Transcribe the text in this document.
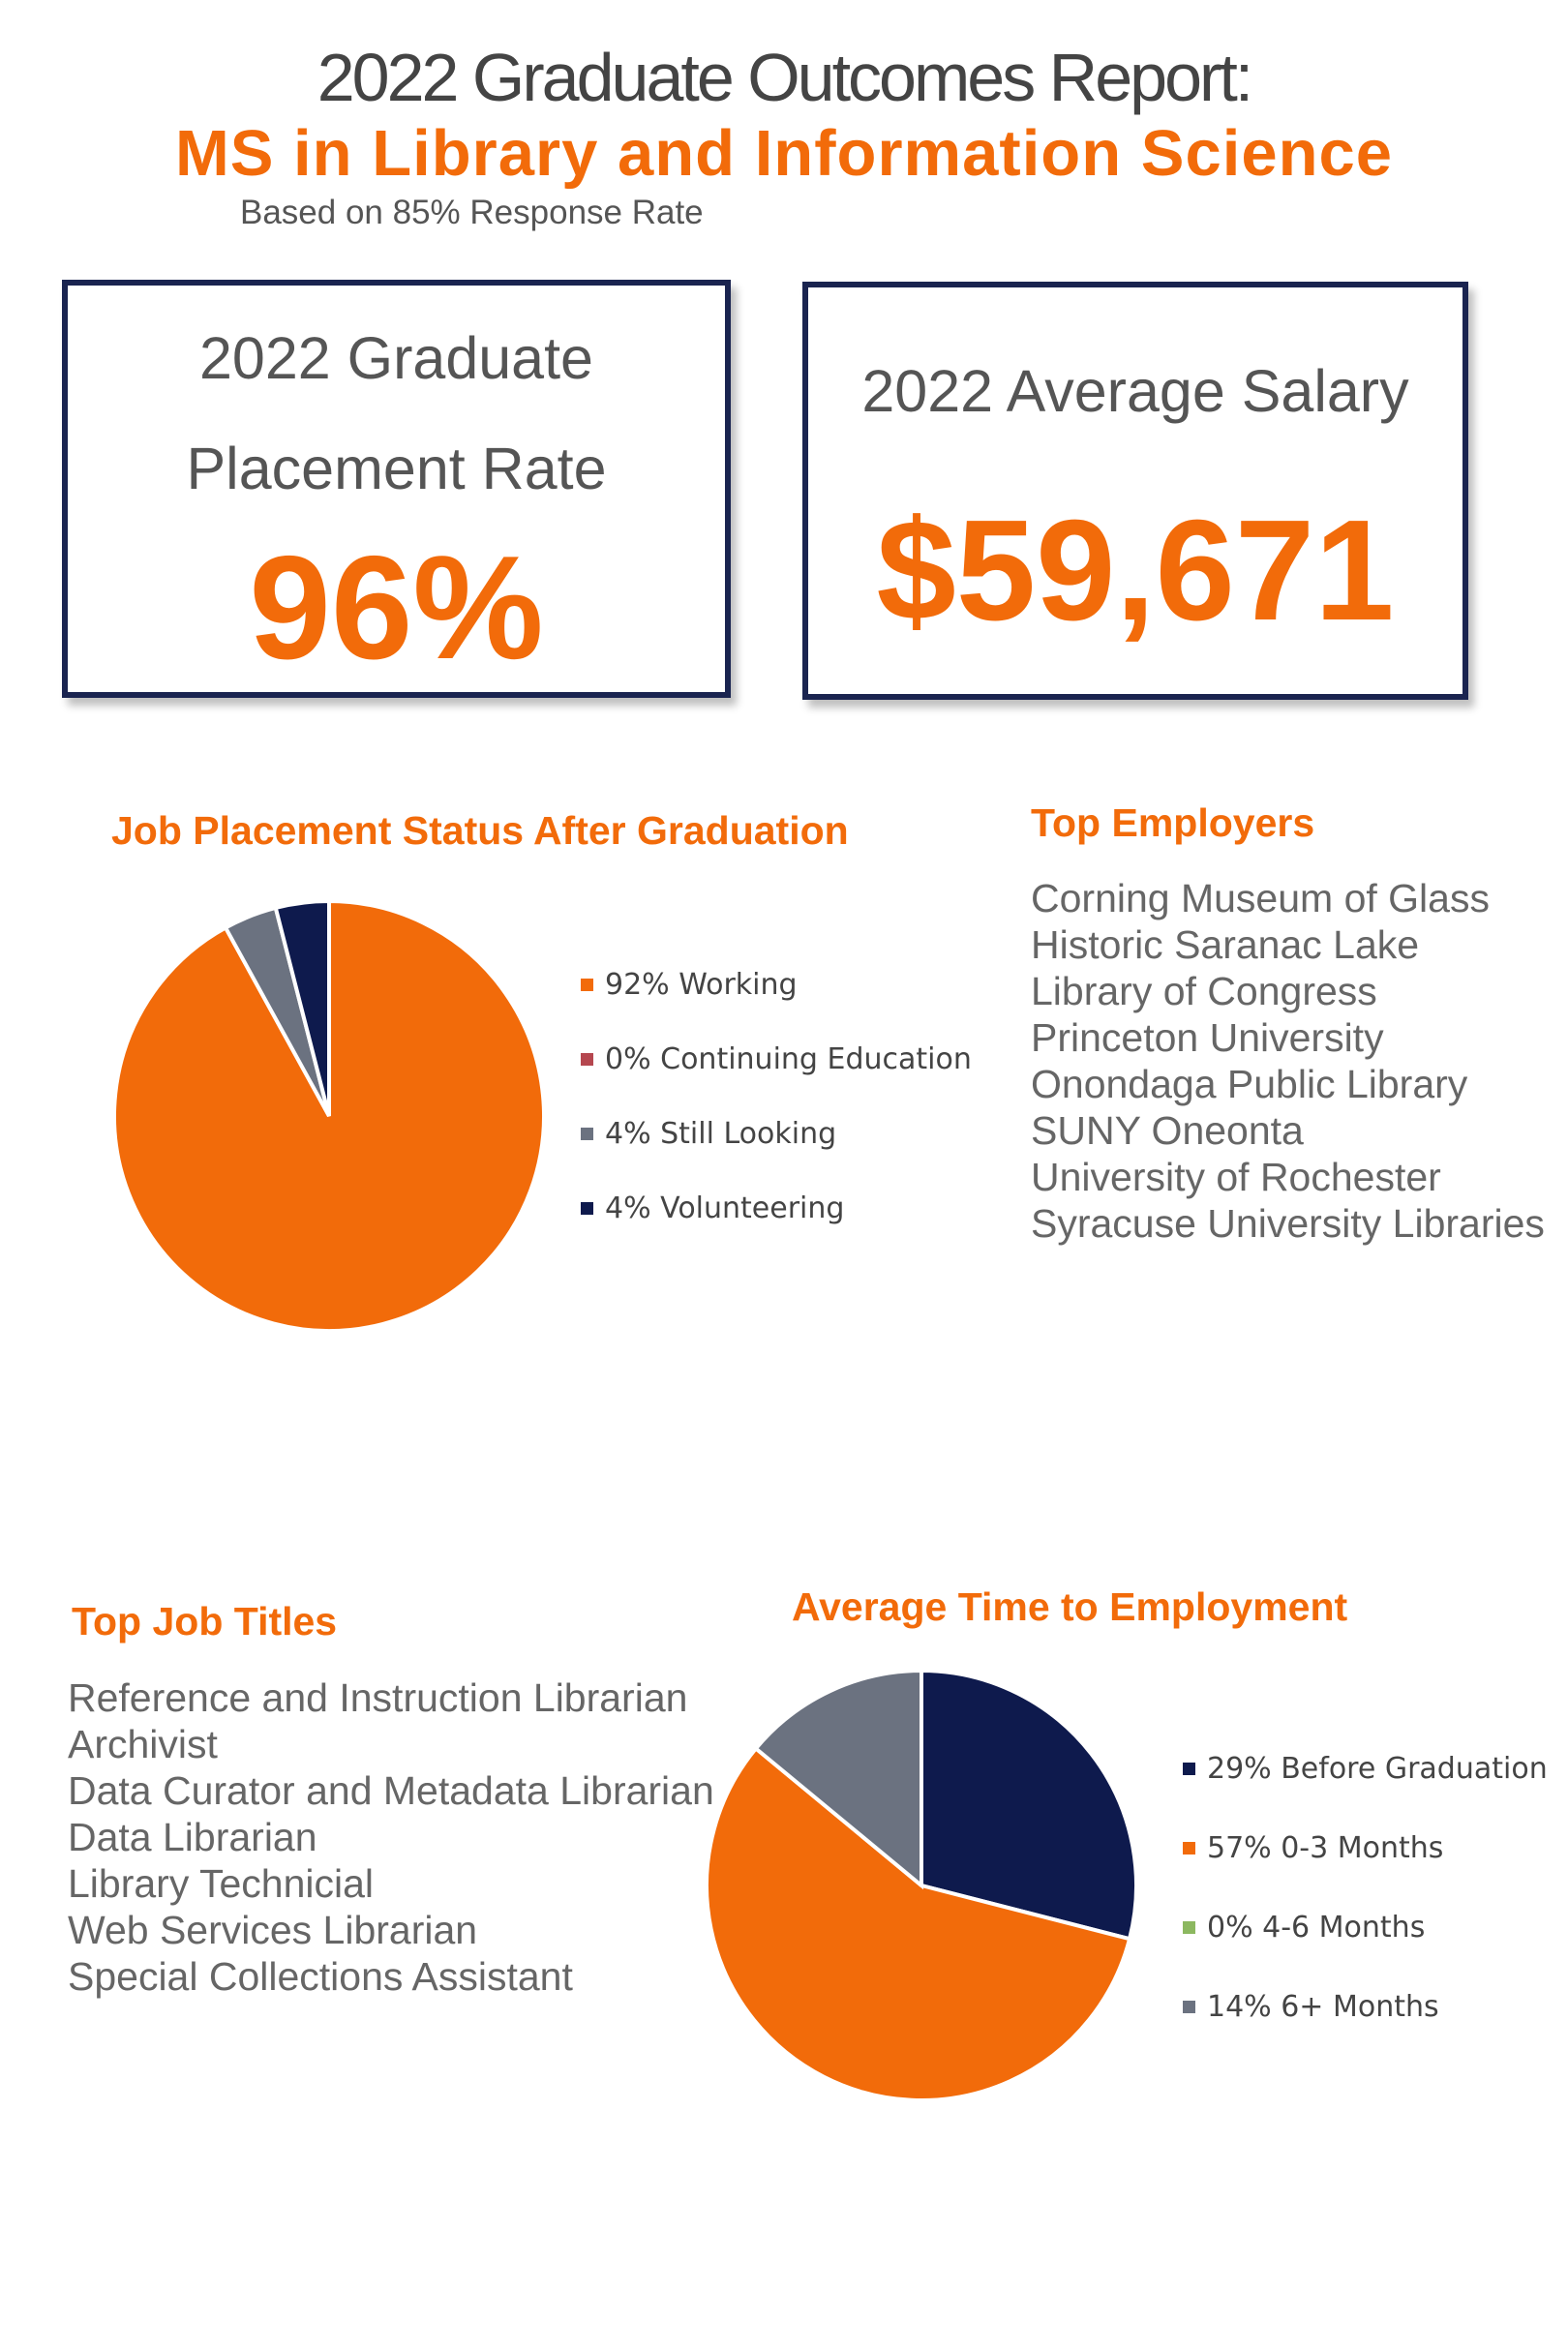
2022 Graduate Outcomes Report:
MS in Library and Information Science
Based on 85% Response Rate
2022 Graduate
Placement Rate
96%
2022 Average Salary
$59,671
Job Placement Status After Graduation
92% Working
0% Continuing Education
4% Still Looking
4% Volunteering
Top Employers
Corning Museum of Glass
Historic Saranac Lake
Library of Congress
Princeton University
Onondaga Public Library
SUNY Oneonta
University of Rochester
Syracuse University Libraries
Top Job Titles
Reference and Instruction Librarian
Archivist
Data Curator and Metadata Librarian
Data Librarian
Library Technicial
Web Services Librarian
Special Collections Assistant
Average Time to Employment
29% Before Graduation
57% 0-3 Months
0% 4-6 Months
14% 6+ Months
